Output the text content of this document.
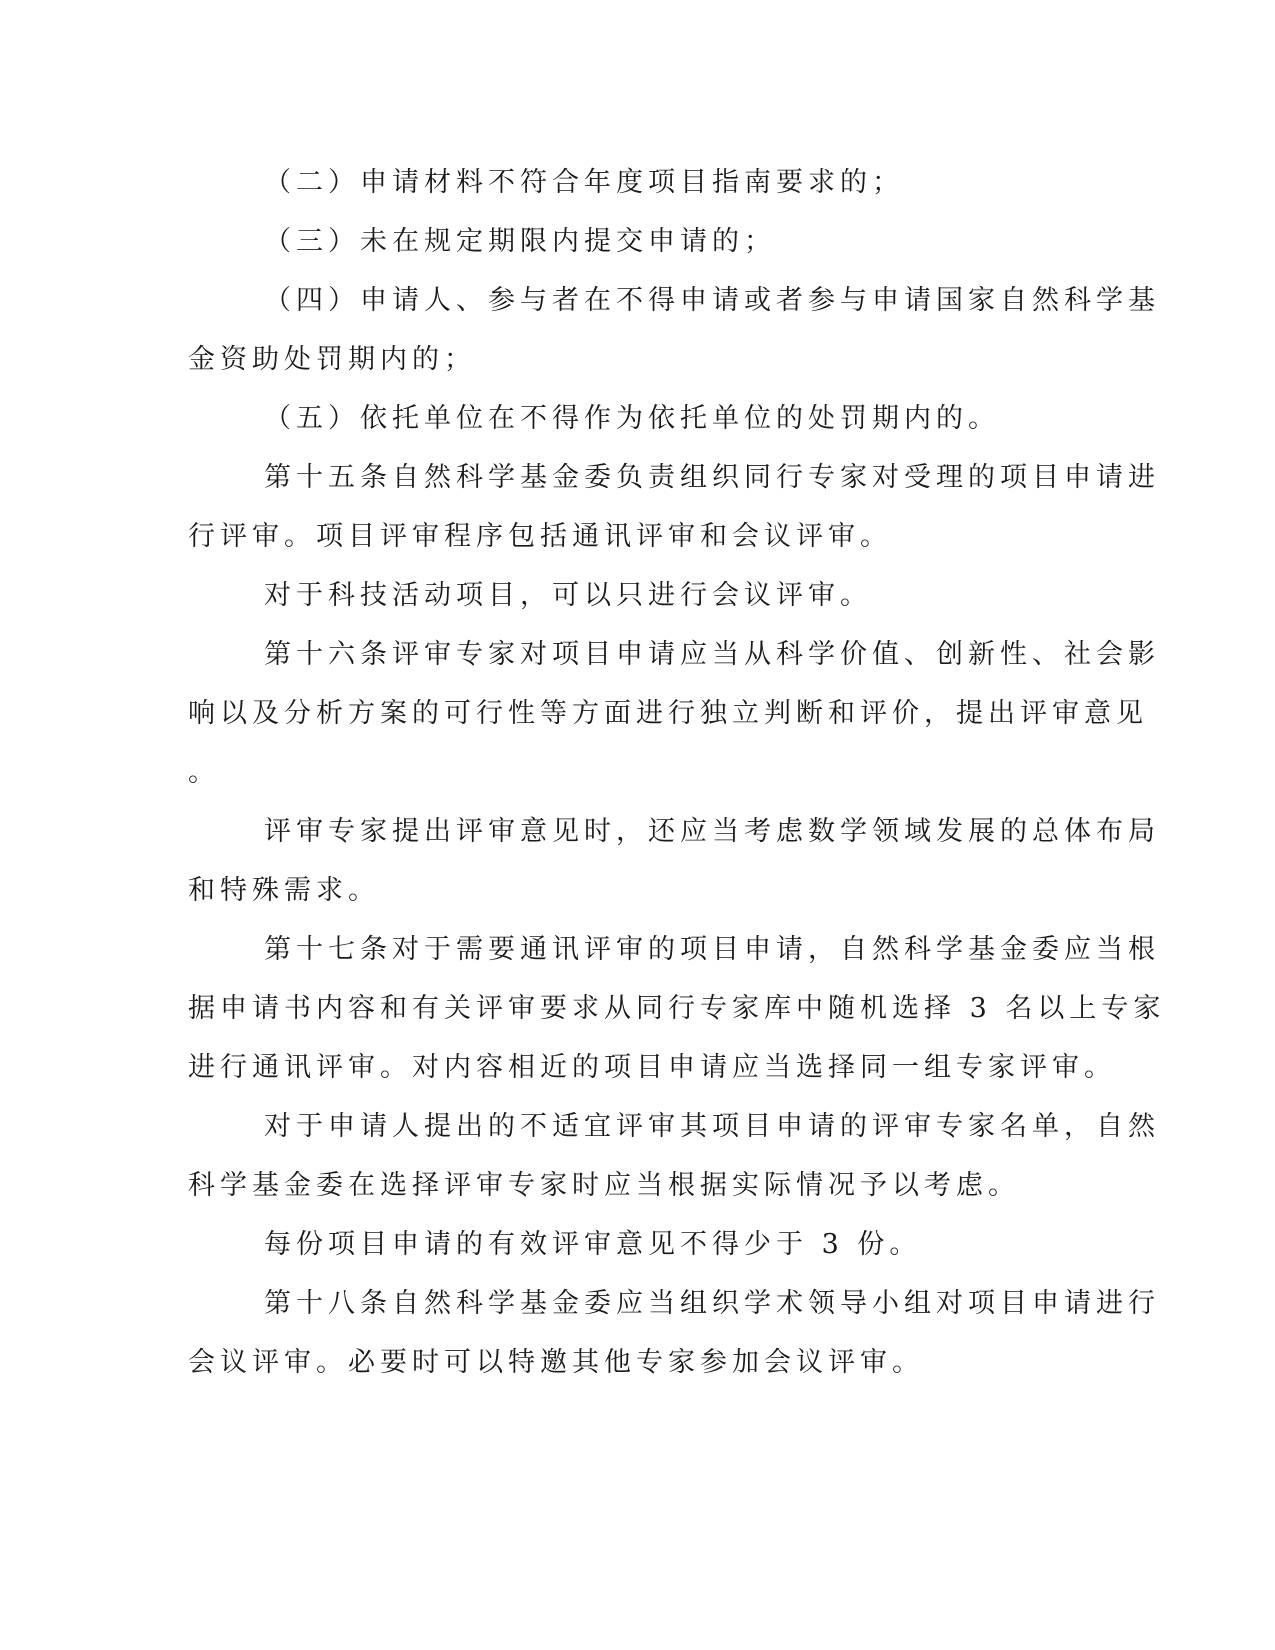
（二）申请材料不符合年度项目指南要求的；
（三）未在规定期限内提交申请的；
（四）申请人、参与者在不得申请或者参与申请国家自然科学基
金资助处罚期内的；
（五）依托单位在不得作为依托单位的处罚期内的。
第十五条自然科学基金委负责组织同行专家对受理的项目申请进
行评审。项目评审程序包括通讯评审和会议评审。
对于科技活动项目，可以只进行会议评审。
第十六条评审专家对项目申请应当从科学价值、创新性、社会影
响以及分析方案的可行性等方面进行独立判断和评价，提出评审意见
。
评审专家提出评审意见时，还应当考虑数学领域发展的总体布局
和特殊需求。
第十七条对于需要通讯评审的项目申请，自然科学基金委应当根
据申请书内容和有关评审要求从同行专家库中随机选择 3 名以上专家
进行通讯评审。对内容相近的项目申请应当选择同一组专家评审。
对于申请人提出的不适宜评审其项目申请的评审专家名单，自然
科学基金委在选择评审专家时应当根据实际情况予以考虑。
每份项目申请的有效评审意见不得少于 3 份。
第十八条自然科学基金委应当组织学术领导小组对项目申请进行
会议评审。必要时可以特邀其他专家参加会议评审。
